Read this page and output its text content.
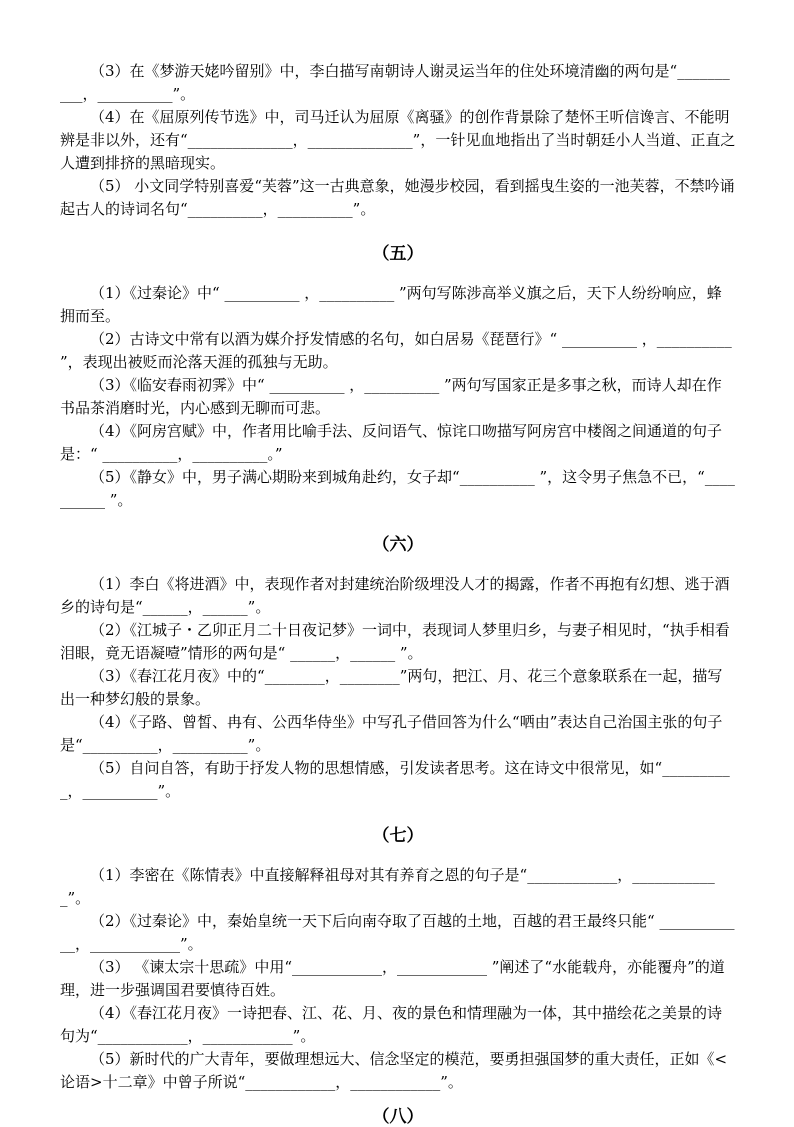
（3）在《梦游天姥吟留别》中，李白描写南朝诗人谢灵运当年的住处环境清幽的两句是“__________，__________”。

（4）在《屈原列传节选》中，司马迁认为屈原《离骚》的创作背景除了楚怀王听信谗言、不能明辨是非以外，还有“______________，______________”，一针见血地指出了当时朝廷小人当道、正直之人遭到排挤的黑暗现实。

（5） 小文同学特别喜爱“芙蓉”这一古典意象，她漫步校园，看到摇曳生姿的一池芙蓉，不禁吟诵起古人的诗词名句“__________，__________”。

（五）

（1）《过秦论》中“ __________ ，__________ ”两句写陈涉高举义旗之后，天下人纷纷响应，蜂拥而至。

（2）古诗文中常有以酒为媒介抒发情感的名句，如白居易《琵琶行》“ __________ ，__________ ”，表现出被贬而沦落天涯的孤独与无助。

（3）《临安春雨初霁》中“ __________ ，__________ ”两句写国家正是多事之秋，而诗人却在作书品茶消磨时光，内心感到无聊而可悲。

（4）《阿房宫赋》中，作者用比喻手法、反问语气、惊诧口吻描写阿房宫中楼阁之间通道的句子是：“ __________，__________。”

（5）《静女》中，男子满心期盼来到城角赴约，女子却“__________ ”，这令男子焦急不已，“__________ ”。

（六）

（1）李白《将进酒》中，表现作者对封建统治阶级埋没人才的揭露，作者不再抱有幻想、逃于酒乡的诗句是“______，______”。

（2）《江城子・乙卯正月二十日夜记梦》一词中，表现词人梦里归乡，与妻子相见时，“执手相看泪眼，竟无语凝噎”情形的两句是“ ______，______ ”。

（3）《春江花月夜》中的“________，________”两句，把江、月、花三个意象联系在一起，描写出一种梦幻般的景象。

（4）《子路、曾皙、冉有、公西华侍坐》中写孔子借回答为什么“哂由”表达自己治国主张的句子是“__________，__________”。

（5）自问自答，有助于抒发人物的思想情感，引发读者思考。这在诗文中很常见，如“__________，__________”。

（七）

（1）李密在《陈情表》中直接解释祖母对其有养育之恩的句子是“____________，____________”。

（2）《过秦论》中，秦始皇统一天下后向南夺取了百越的土地，百越的君王最终只能“ ____________，____________”。

（3） 《谏太宗十思疏》中用“____________，____________ ”阐述了“水能载舟，亦能覆舟”的道理，进一步强调国君要慎待百姓。

（4）《春江花月夜》一诗把春、江、花、月、夜的景色和情理融为一体，其中描绘花之美景的诗句为“____________，____________”。

（5）新时代的广大青年，要做理想远大、信念坚定的模范，要勇担强国梦的重大责任，正如《<论语>十二章》中曾子所说“____________，____________”。

（八）
